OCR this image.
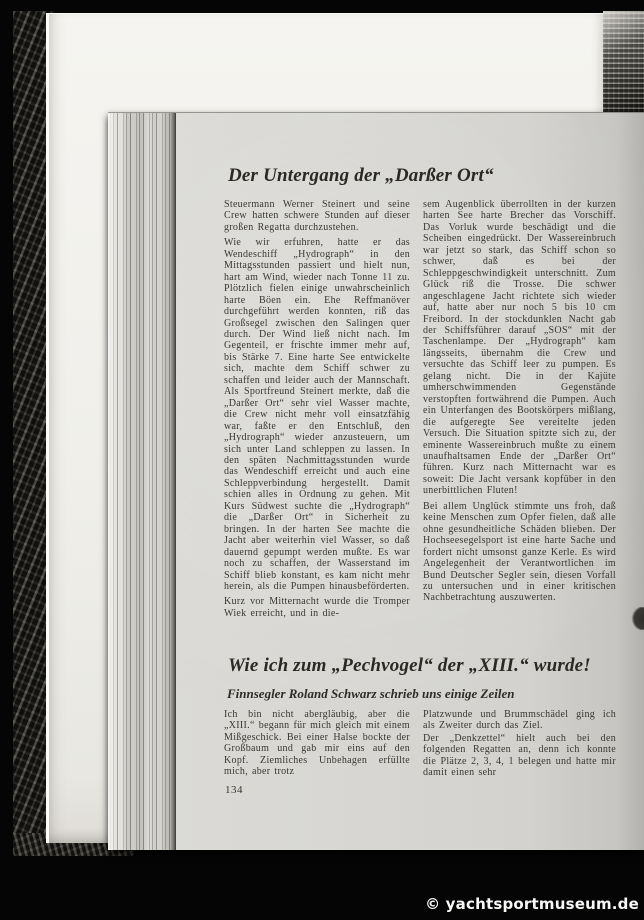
Der Untergang der „Darßer Ort“

Steuermann Werner Steinert und seine Crew hatten schwere Stunden auf dieser großen Regatta durchzustehen.

Wie wir erfuhren, hatte er das Wendeschiff „Hydrograph“ in den Mittagsstunden passiert und hielt nun, hart am Wind, wieder nach Tonne 11 zu. Plötzlich fielen einige unwahrscheinlich harte Böen ein. Ehe Reffmanöver durchgeführt werden konnten, riß das Großsegel zwischen den Salingen quer durch. Der Wind ließ nicht nach. Im Gegenteil, er frischte immer mehr auf, bis Stärke 7. Eine harte See entwickelte sich, machte dem Schiff schwer zu schaffen und leider auch der Mannschaft. Als Sportfreund Steinert merkte, daß die „Darßer Ort“ sehr viel Wasser machte, die Crew nicht mehr voll einsatzfähig war, faßte er den Entschluß, den „Hydrograph“ wieder anzusteuern, um sich unter Land schleppen zu lassen. In den späten Nachmittagsstunden wurde das Wendeschiff erreicht und auch eine Schleppverbindung hergestellt. Damit schien alles in Ordnung zu gehen. Mit Kurs Südwest suchte die „Hydrograph“ die „Darßer Ort“ in Sicherheit zu bringen. In der harten See machte die Jacht aber weiterhin viel Wasser, so daß dauernd gepumpt werden mußte. Es war noch zu schaffen, der Wasserstand im Schiff blieb konstant, es kam nicht mehr herein, als die Pumpen hinausbeförderten.

Kurz vor Mitternacht wurde die Tromper Wiek erreicht, und in die-

sem Augenblick überrollten in der kurzen harten See harte Brecher das Vorschiff. Das Vorluk wurde beschädigt und die Scheiben eingedrückt. Der Wassereinbruch war jetzt so stark, das Schiff schon so schwer, daß es bei der Schleppgeschwindigkeit unterschnitt. Zum Glück riß die Trosse. Die schwer angeschlagene Jacht richtete sich wieder auf, hatte aber nur noch 5 bis 10 cm Freibord. In der stockdunklen Nacht gab der Schiffsführer darauf „SOS“ mit der Taschenlampe. Der „Hydrograph“ kam längsseits, übernahm die Crew und versuchte das Schiff leer zu pumpen. Es gelang nicht. Die in der Kajüte umherschwimmenden Gegenstände verstopften fortwährend die Pumpen. Auch ein Unterfangen des Bootskörpers mißlang, die aufgeregte See vereitelte jeden Versuch. Die Situation spitzte sich zu, der eminente Wassereinbruch mußte zu einem unaufhaltsamen Ende der „Darßer Ort“ führen. Kurz nach Mitternacht war es soweit: Die Jacht versank kopfüber in den unerbittlichen Fluten!

Bei allem Unglück stimmte uns froh, daß keine Menschen zum Opfer fielen, daß alle ohne gesundheitliche Schäden blieben. Der Hochseesegelsport ist eine harte Sache und fordert nicht umsonst ganze Kerle. Es wird Angelegenheit der Verantwortlichen im Bund Deutscher Segler sein, diesen Vorfall zu untersuchen und in einer kritischen Nachbetrachtung auszuwerten.

Wie ich zum „Pechvogel“ der „XIII.“ wurde!
Finnsegler Roland Schwarz schrieb uns einige Zeilen

Ich bin nicht abergläubig, aber die „XIII.“ begann für mich gleich mit einem Mißgeschick. Bei einer Halse bockte der Großbaum und gab mir eins auf den Kopf. Ziemliches Unbehagen erfüllte mich, aber trotz

Platzwunde und Brummschädel ging ich als Zweiter durch das Ziel.

Der „Denkzettel“ hielt auch bei den folgenden Regatten an, denn ich konnte die Plätze 2, 3, 4, 1 belegen und hatte mir damit einen sehr

134
© yachtsportmuseum.de
